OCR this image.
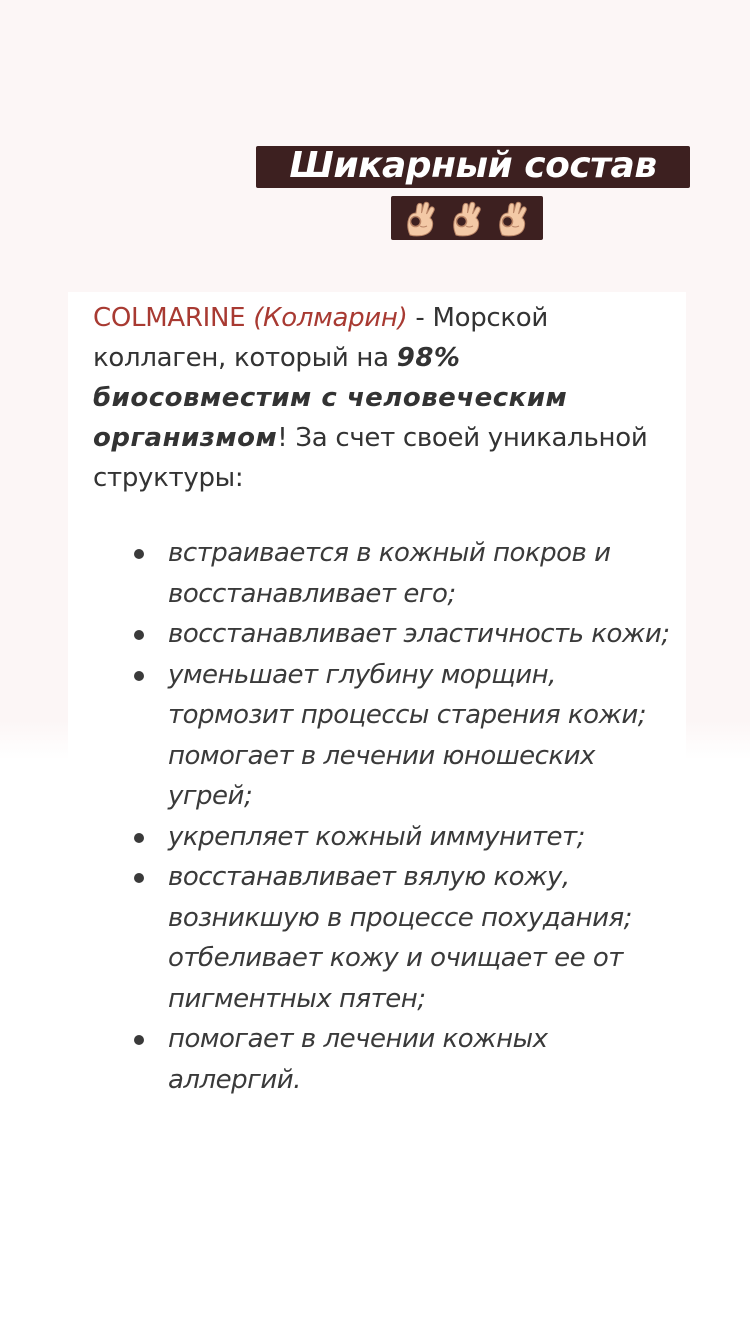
Шикарный состав
COLMARINE (Колмарин) - Морской коллаген, который на 98% биосовместим с человеческим организмом! За счет своей уникальной структуры:
встраивается в кожный покров и восстанавливает его;
восстанавливает эластичность кожи;
уменьшает глубину морщин, тормозит процессы старения кожи; помогает в лечении юношеских угрей;
укрепляет кожный иммунитет;
восстанавливает вялую кожу, возникшую в процессе похудания; отбеливает кожу и очищает ее от пигментных пятен;
помогает в лечении кожных аллергий.
